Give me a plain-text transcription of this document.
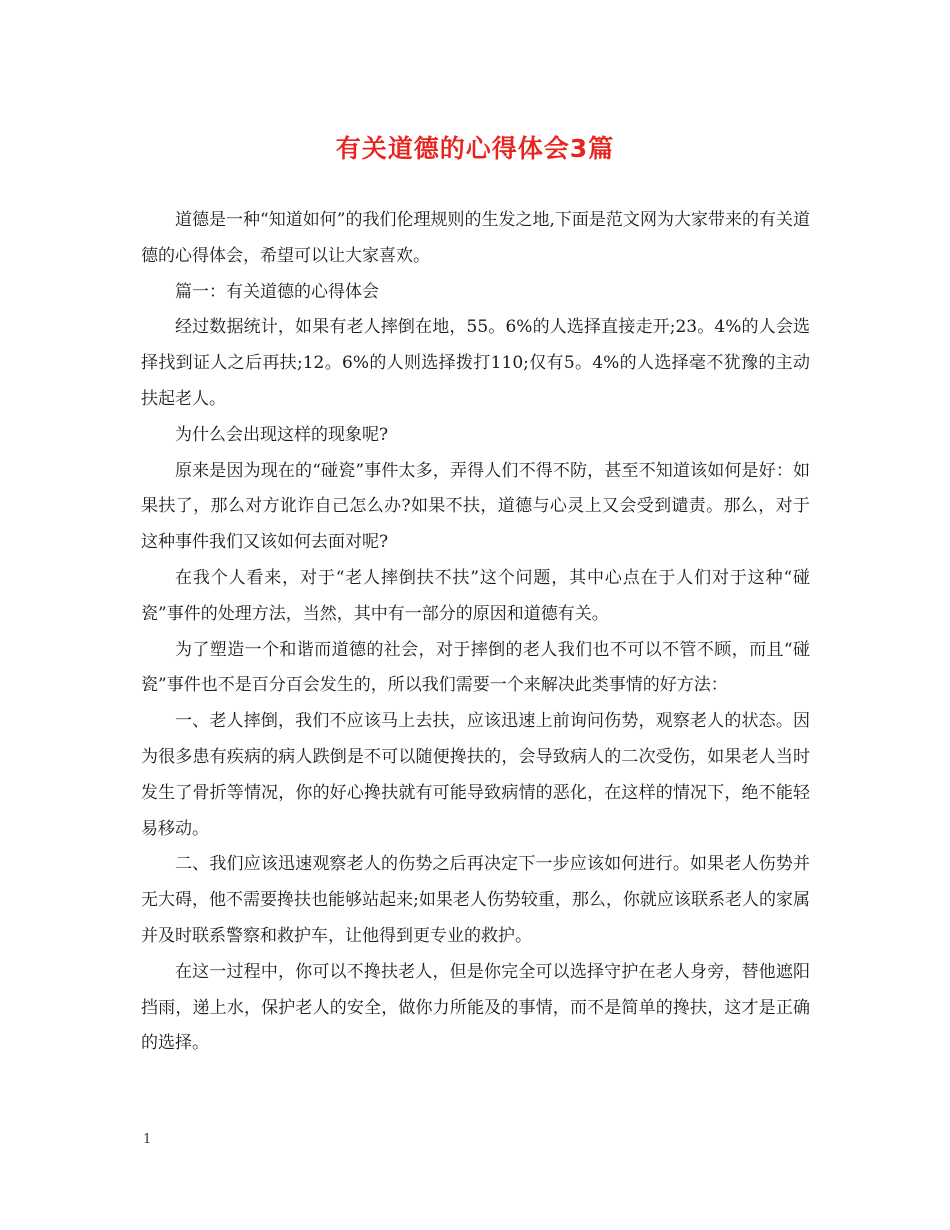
有关道德的心得体会3篇

道德是一种“知道如何”的我们伦理规则的生发之地,下面是范文网为大家带来的有关道德的心得体会，希望可以让大家喜欢。

篇一：有关道德的心得体会

经过数据统计，如果有老人摔倒在地，55。6%的人选择直接走开;23。4%的人会选择找到证人之后再扶;12。6%的人则选择拨打110;仅有5。4%的人选择毫不犹豫的主动扶起老人。

为什么会出现这样的现象呢?

原来是因为现在的“碰瓷”事件太多，弄得人们不得不防，甚至不知道该如何是好：如果扶了，那么对方讹诈自己怎么办?如果不扶，道德与心灵上又会受到谴责。那么，对于这种事件我们又该如何去面对呢?

在我个人看来，对于“老人摔倒扶不扶”这个问题，其中心点在于人们对于这种“碰瓷”事件的处理方法，当然，其中有一部分的原因和道德有关。

为了塑造一个和谐而道德的社会，对于摔倒的老人我们也不可以不管不顾，而且“碰瓷”事件也不是百分百会发生的，所以我们需要一个来解决此类事情的好方法：

一、老人摔倒，我们不应该马上去扶，应该迅速上前询问伤势，观察老人的状态。因为很多患有疾病的病人跌倒是不可以随便搀扶的，会导致病人的二次受伤，如果老人当时发生了骨折等情况，你的好心搀扶就有可能导致病情的恶化，在这样的情况下，绝不能轻易移动。

二、我们应该迅速观察老人的伤势之后再决定下一步应该如何进行。如果老人伤势并无大碍，他不需要搀扶也能够站起来;如果老人伤势较重，那么，你就应该联系老人的家属并及时联系警察和救护车，让他得到更专业的救护。

在这一过程中，你可以不搀扶老人，但是你完全可以选择守护在老人身旁，替他遮阳挡雨，递上水，保护老人的安全，做你力所能及的事情，而不是简单的搀扶，这才是正确的选择。

1
